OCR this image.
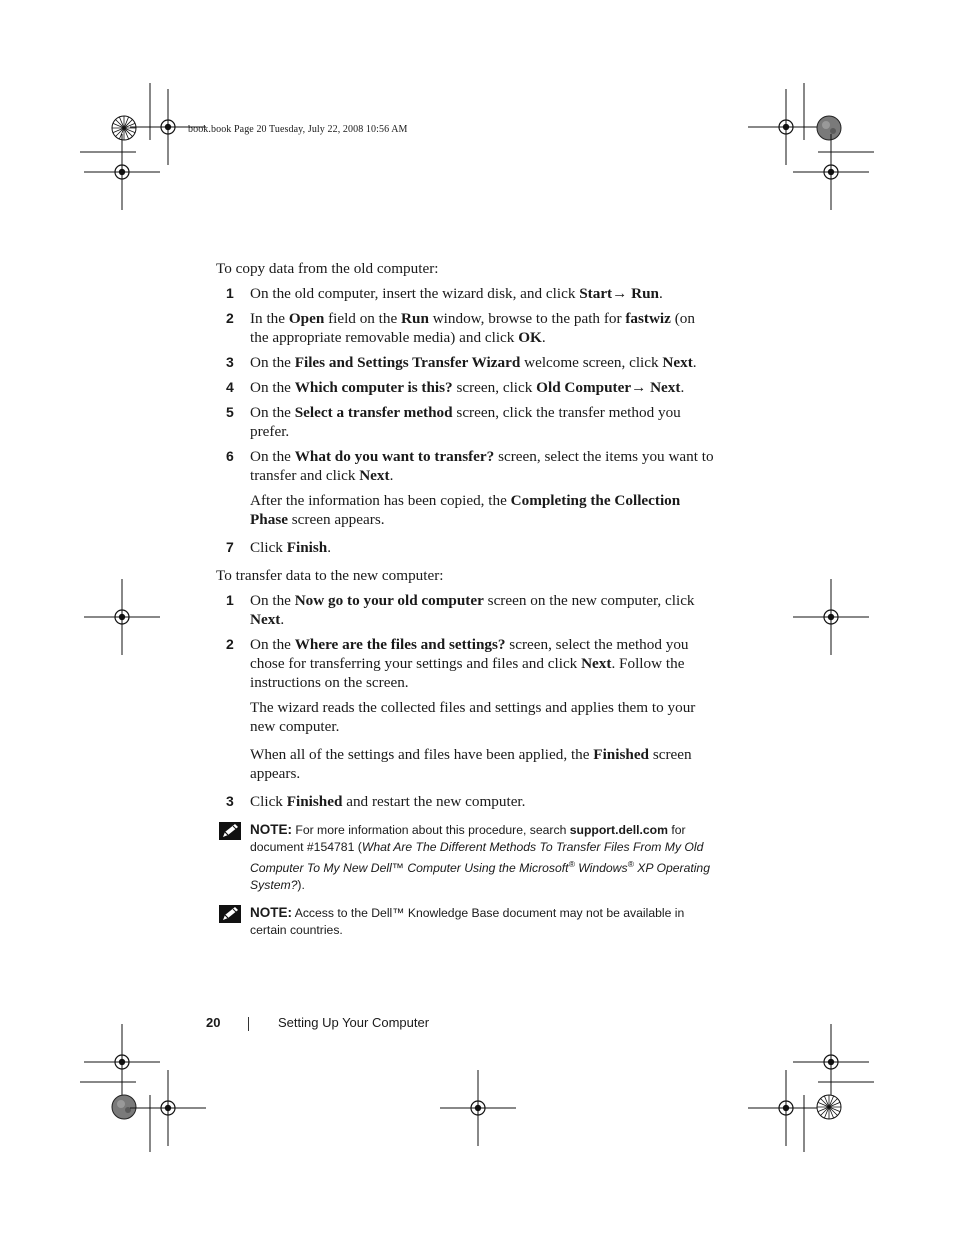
book.book Page 20 Tuesday, July 22, 2008 10:56 AM

To copy data from the old computer:

1 On the old computer, insert the wizard disk, and click Start→ Run.
2 In the Open field on the Run window, browse to the path for fastwiz (on the appropriate removable media) and click OK.
3 On the Files and Settings Transfer Wizard welcome screen, click Next.
4 On the Which computer is this? screen, click Old Computer→ Next.
5 On the Select a transfer method screen, click the transfer method you prefer.
6 On the What do you want to transfer? screen, select the items you want to transfer and click Next.

After the information has been copied, the Completing the Collection Phase screen appears.

7 Click Finish.

To transfer data to the new computer:

1 On the Now go to your old computer screen on the new computer, click Next.
2 On the Where are the files and settings? screen, select the method you chose for transferring your settings and files and click Next. Follow the instructions on the screen.

The wizard reads the collected files and settings and applies them to your new computer.

When all of the settings and files have been applied, the Finished screen appears.

3 Click Finished and restart the new computer.
NOTE: For more information about this procedure, search support.dell.com for document #154781 (What Are The Different Methods To Transfer Files From My Old Computer To My New Dell™ Computer Using the Microsoft® Windows® XP Operating System?).
NOTE: Access to the Dell™ Knowledge Base document may not be available in certain countries.
20	Setting Up Your Computer
